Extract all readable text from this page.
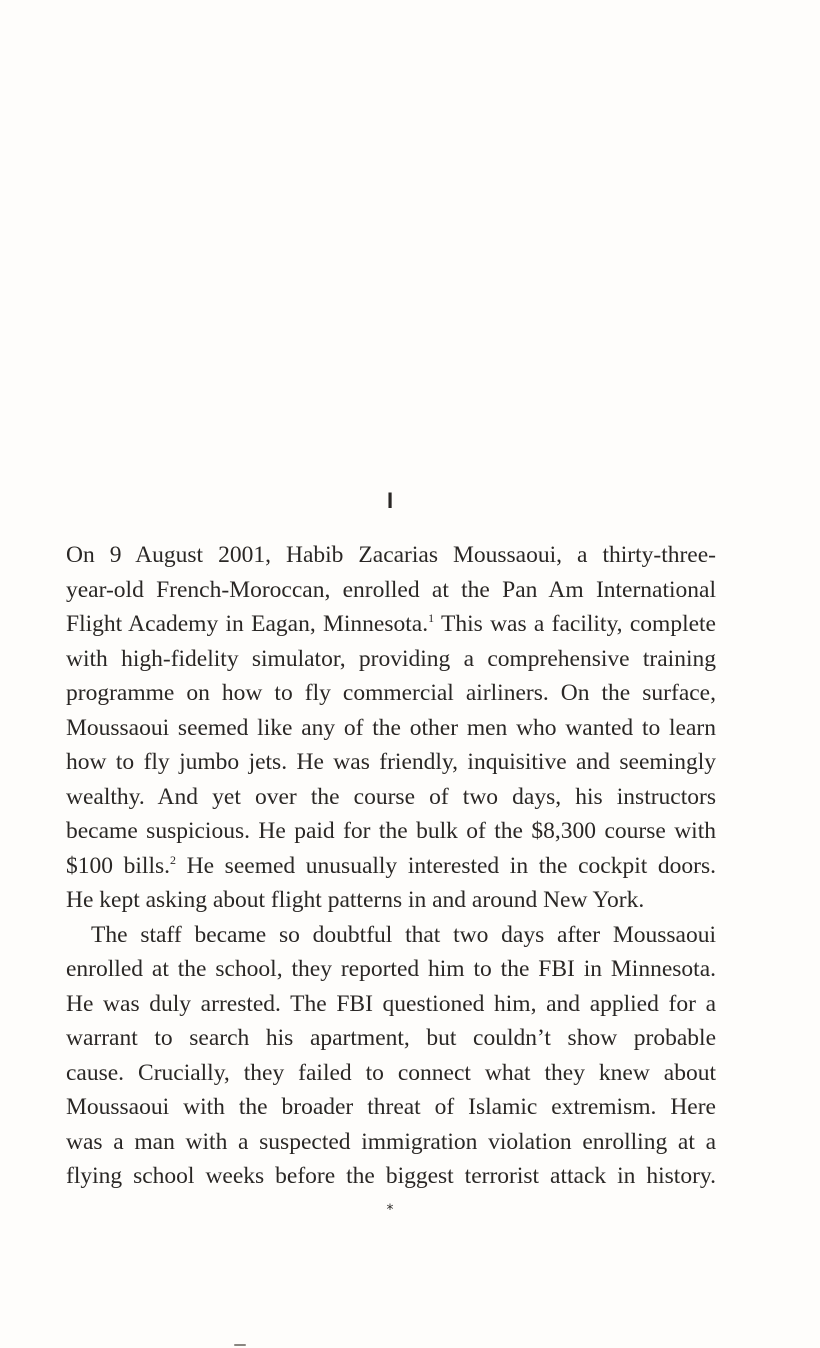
I
On 9 August 2001, Habib Zacarias Moussaoui, a thirty-three-
year-old French-Moroccan, enrolled at the Pan Am International
Flight Academy in Eagan, Minnesota.$^1$ This was a facility, complete
with high-fidelity simulator, providing a comprehensive training
programme on how to fly commercial airliners. On the surface,
Moussaoui seemed like any of the other men who wanted to learn
how to fly jumbo jets. He was friendly, inquisitive and seemingly
wealthy. And yet over the course of two days, his instructors
became suspicious. He paid for the bulk of the $8,300 course with
$100 bills.$^2$ He seemed unusually interested in the cockpit doors.
He kept asking about flight patterns in and around New York.
The staff became so doubtful that two days after Moussaoui
enrolled at the school, they reported him to the FBI in Minnesota.
He was duly arrested. The FBI questioned him, and applied for a
warrant to search his apartment, but couldn’t show probable
cause. Crucially, they failed to connect what they knew about
Moussaoui with the broader threat of Islamic extremism. Here
was a man with a suspected immigration violation enrolling at a
flying school weeks before the biggest terrorist attack in history.
*
